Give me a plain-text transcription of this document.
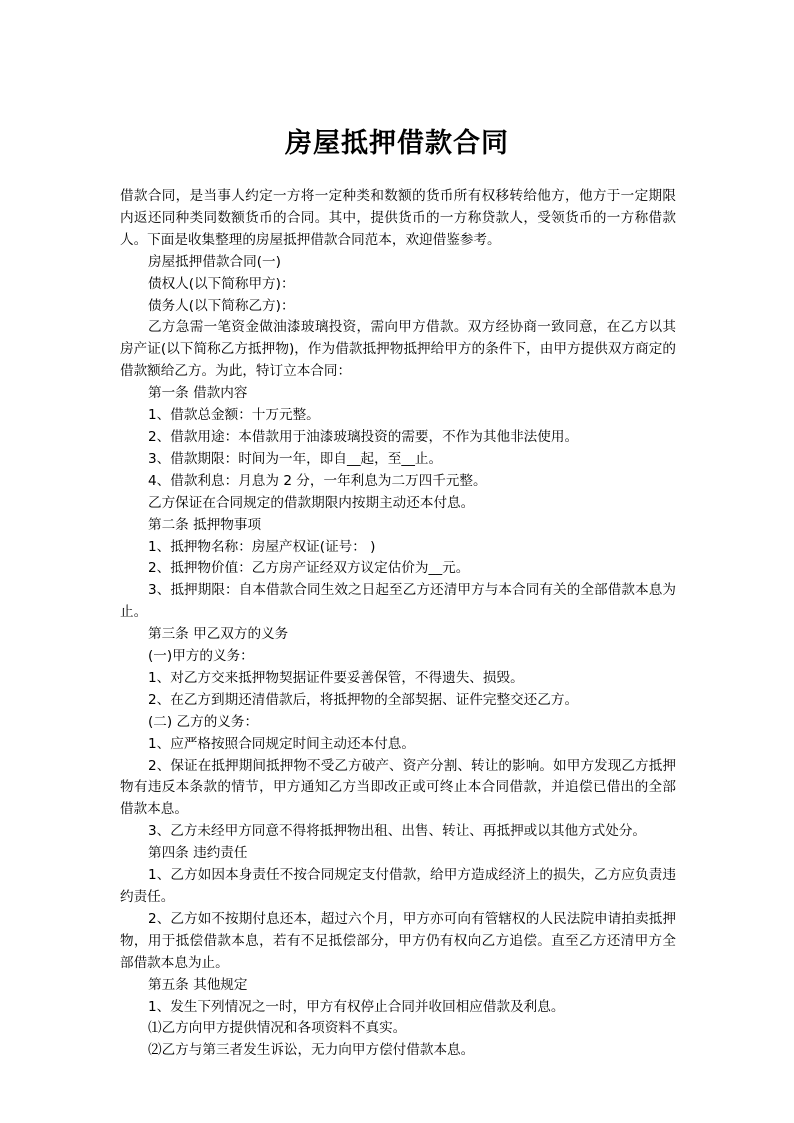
房屋抵押借款合同

借款合同，是当事人约定一方将一定种类和数额的货币所有权移转给他方，他方于一定期限内返还同种类同数额货币的合同。其中，提供货币的一方称贷款人，受领货币的一方称借款人。下面是收集整理的房屋抵押借款合同范本，欢迎借鉴参考。

房屋抵押借款合同(一)

债权人(以下简称甲方)：

债务人(以下简称乙方)：

乙方急需一笔资金做油漆玻璃投资，需向甲方借款。双方经协商一致同意，在乙方以其房产证(以下简称乙方抵押物)，作为借款抵押物抵押给甲方的条件下，由甲方提供双方商定的借款额给乙方。为此，特订立本合同：

第一条 借款内容

1、借款总金额：十万元整。

2、借款用途：本借款用于油漆玻璃投资的需要，不作为其他非法使用。

3、借款期限：时间为一年，即自__起，至__止。

4、借款利息：月息为 2 分，一年利息为二万四千元整。

乙方保证在合同规定的借款期限内按期主动还本付息。

第二条 抵押物事项

1、抵押物名称：房屋产权证(证号： )

2、抵押物价值：乙方房产证经双方议定估价为__元。

3、抵押期限：自本借款合同生效之日起至乙方还清甲方与本合同有关的全部借款本息为止。

第三条 甲乙双方的义务

(一)甲方的义务：

1、对乙方交来抵押物契据证件要妥善保管，不得遗失、损毁。

2、在乙方到期还清借款后，将抵押物的全部契据、证件完整交还乙方。

(二) 乙方的义务：

1、应严格按照合同规定时间主动还本付息。

2、保证在抵押期间抵押物不受乙方破产、资产分割、转让的影响。如甲方发现乙方抵押物有违反本条款的情节，甲方通知乙方当即改正或可终止本合同借款，并追偿已借出的全部借款本息。

3、乙方未经甲方同意不得将抵押物出租、出售、转让、再抵押或以其他方式处分。

第四条 违约责任

1、乙方如因本身责任不按合同规定支付借款，给甲方造成经济上的损失，乙方应负责违约责任。

2、乙方如不按期付息还本，超过六个月，甲方亦可向有管辖权的人民法院申请拍卖抵押物，用于抵偿借款本息，若有不足抵偿部分，甲方仍有权向乙方追偿。直至乙方还清甲方全部借款本息为止。

第五条 其他规定

1、发生下列情况之一时，甲方有权停止合同并收回相应借款及利息。

⑴乙方向甲方提供情况和各项资料不真实。

⑵乙方与第三者发生诉讼，无力向甲方偿付借款本息。
